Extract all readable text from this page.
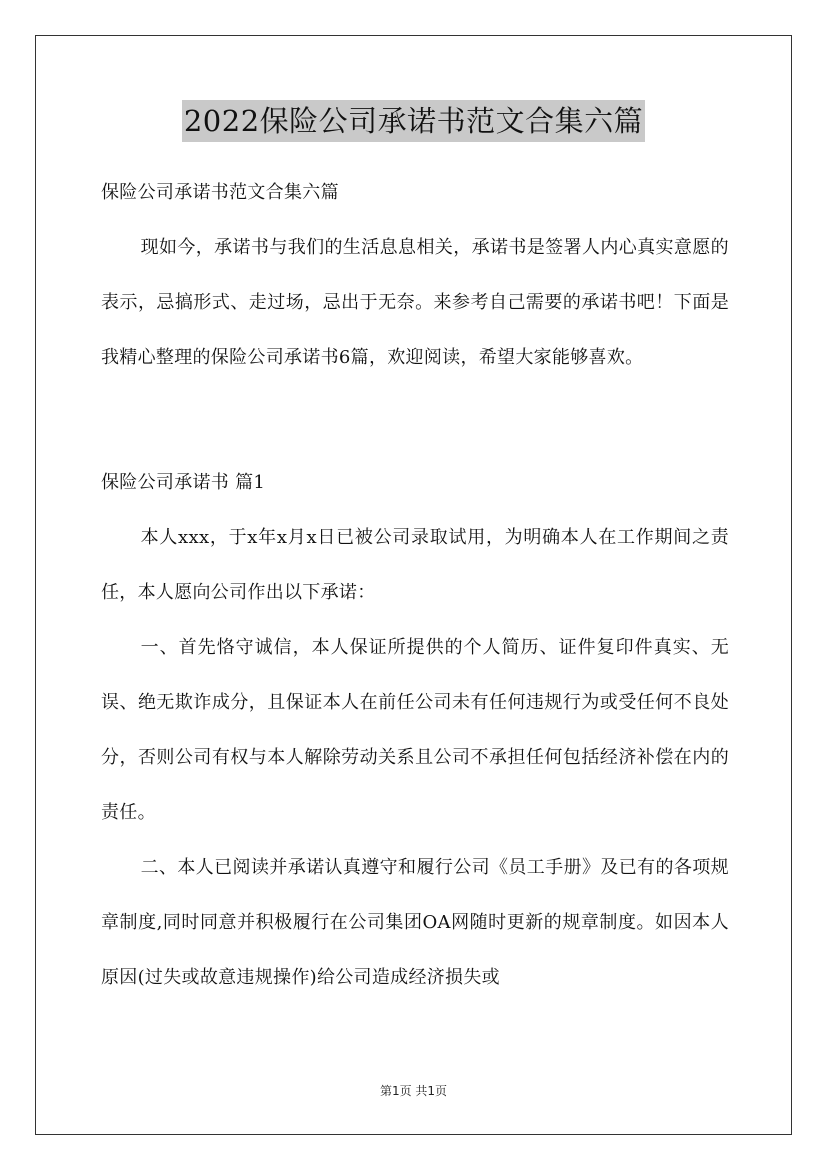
2022保险公司承诺书范文合集六篇

保险公司承诺书范文合集六篇

现如今，承诺书与我们的生活息息相关，承诺书是签署人内心真实意愿的表示，忌搞形式、走过场，忌出于无奈。来参考自己需要的承诺书吧！下面是我精心整理的保险公司承诺书6篇，欢迎阅读，希望大家能够喜欢。

保险公司承诺书 篇1

本人xxx，于x年x月x日已被公司录取试用，为明确本人在工作期间之责任，本人愿向公司作出以下承诺：

一、首先恪守诚信，本人保证所提供的个人简历、证件复印件真实、无误、绝无欺诈成分，且保证本人在前任公司未有任何违规行为或受任何不良处分，否则公司有权与本人解除劳动关系且公司不承担任何包括经济补偿在内的责任。

二、本人已阅读并承诺认真遵守和履行公司《员工手册》及已有的各项规章制度,同时同意并积极履行在公司集团OA网随时更新的规章制度。如因本人原因(过失或故意违规操作)给公司造成经济损失或

第1页 共1页
